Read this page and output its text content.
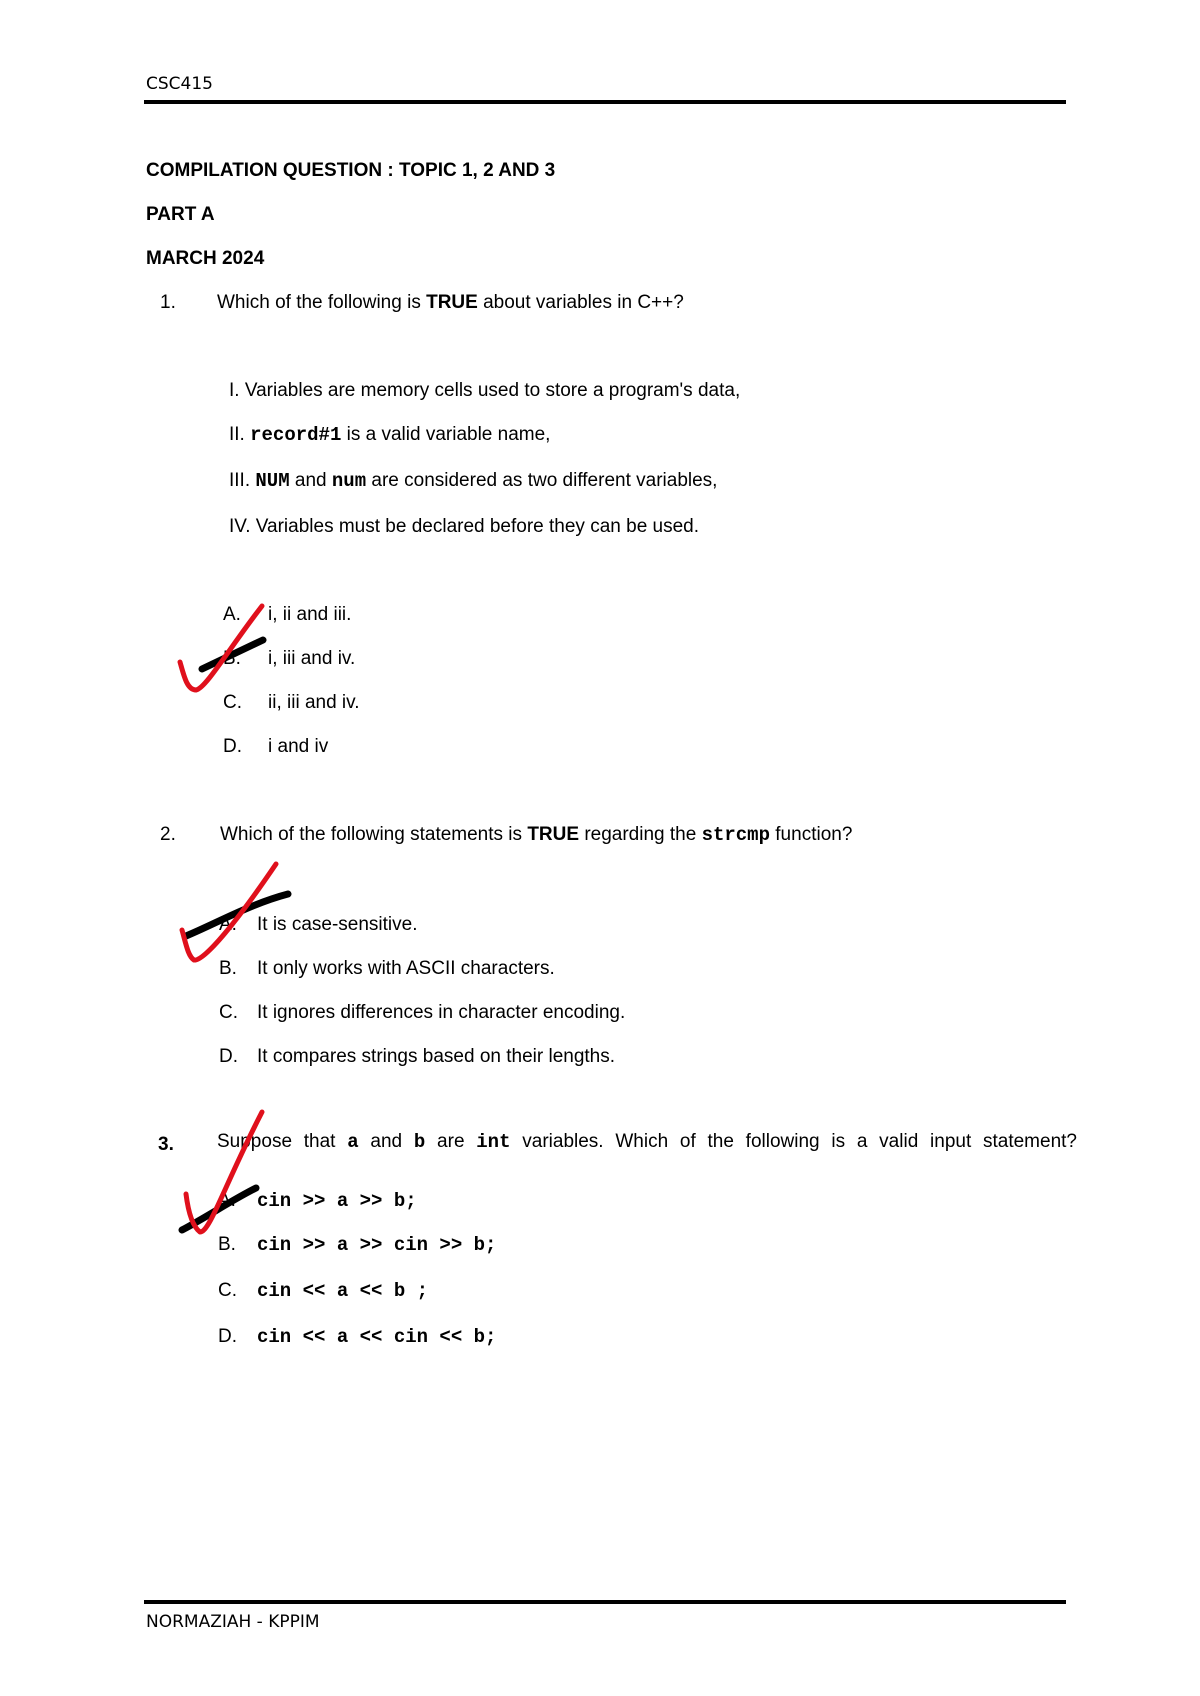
CSC415
COMPILATION QUESTION : TOPIC 1, 2 AND 3
PART A
MARCH 2024
1. Which of the following is TRUE about variables in C++?
I. Variables are memory cells used to store a program's data,
II. record#1 is a valid variable name,
III. NUM and num are considered as two different variables,
IV. Variables must be declared before they can be used.
A. i, ii and iii.
B. i, iii and iv.
C. ii, iii and iv.
D. i and iv
2. Which of the following statements is TRUE regarding the strcmp function?
A. It is case-sensitive.
B. It only works with ASCII characters.
C. It ignores differences in character encoding.
D. It compares strings based on their lengths.
3. Suppose that a and b are int variables. Which of the following is a valid input statement?
A. cin >> a >> b;
B. cin >> a >> cin >> b;
C. cin << a << b ;
D. cin << a << cin << b;
NORMAZIAH - KPPIM
